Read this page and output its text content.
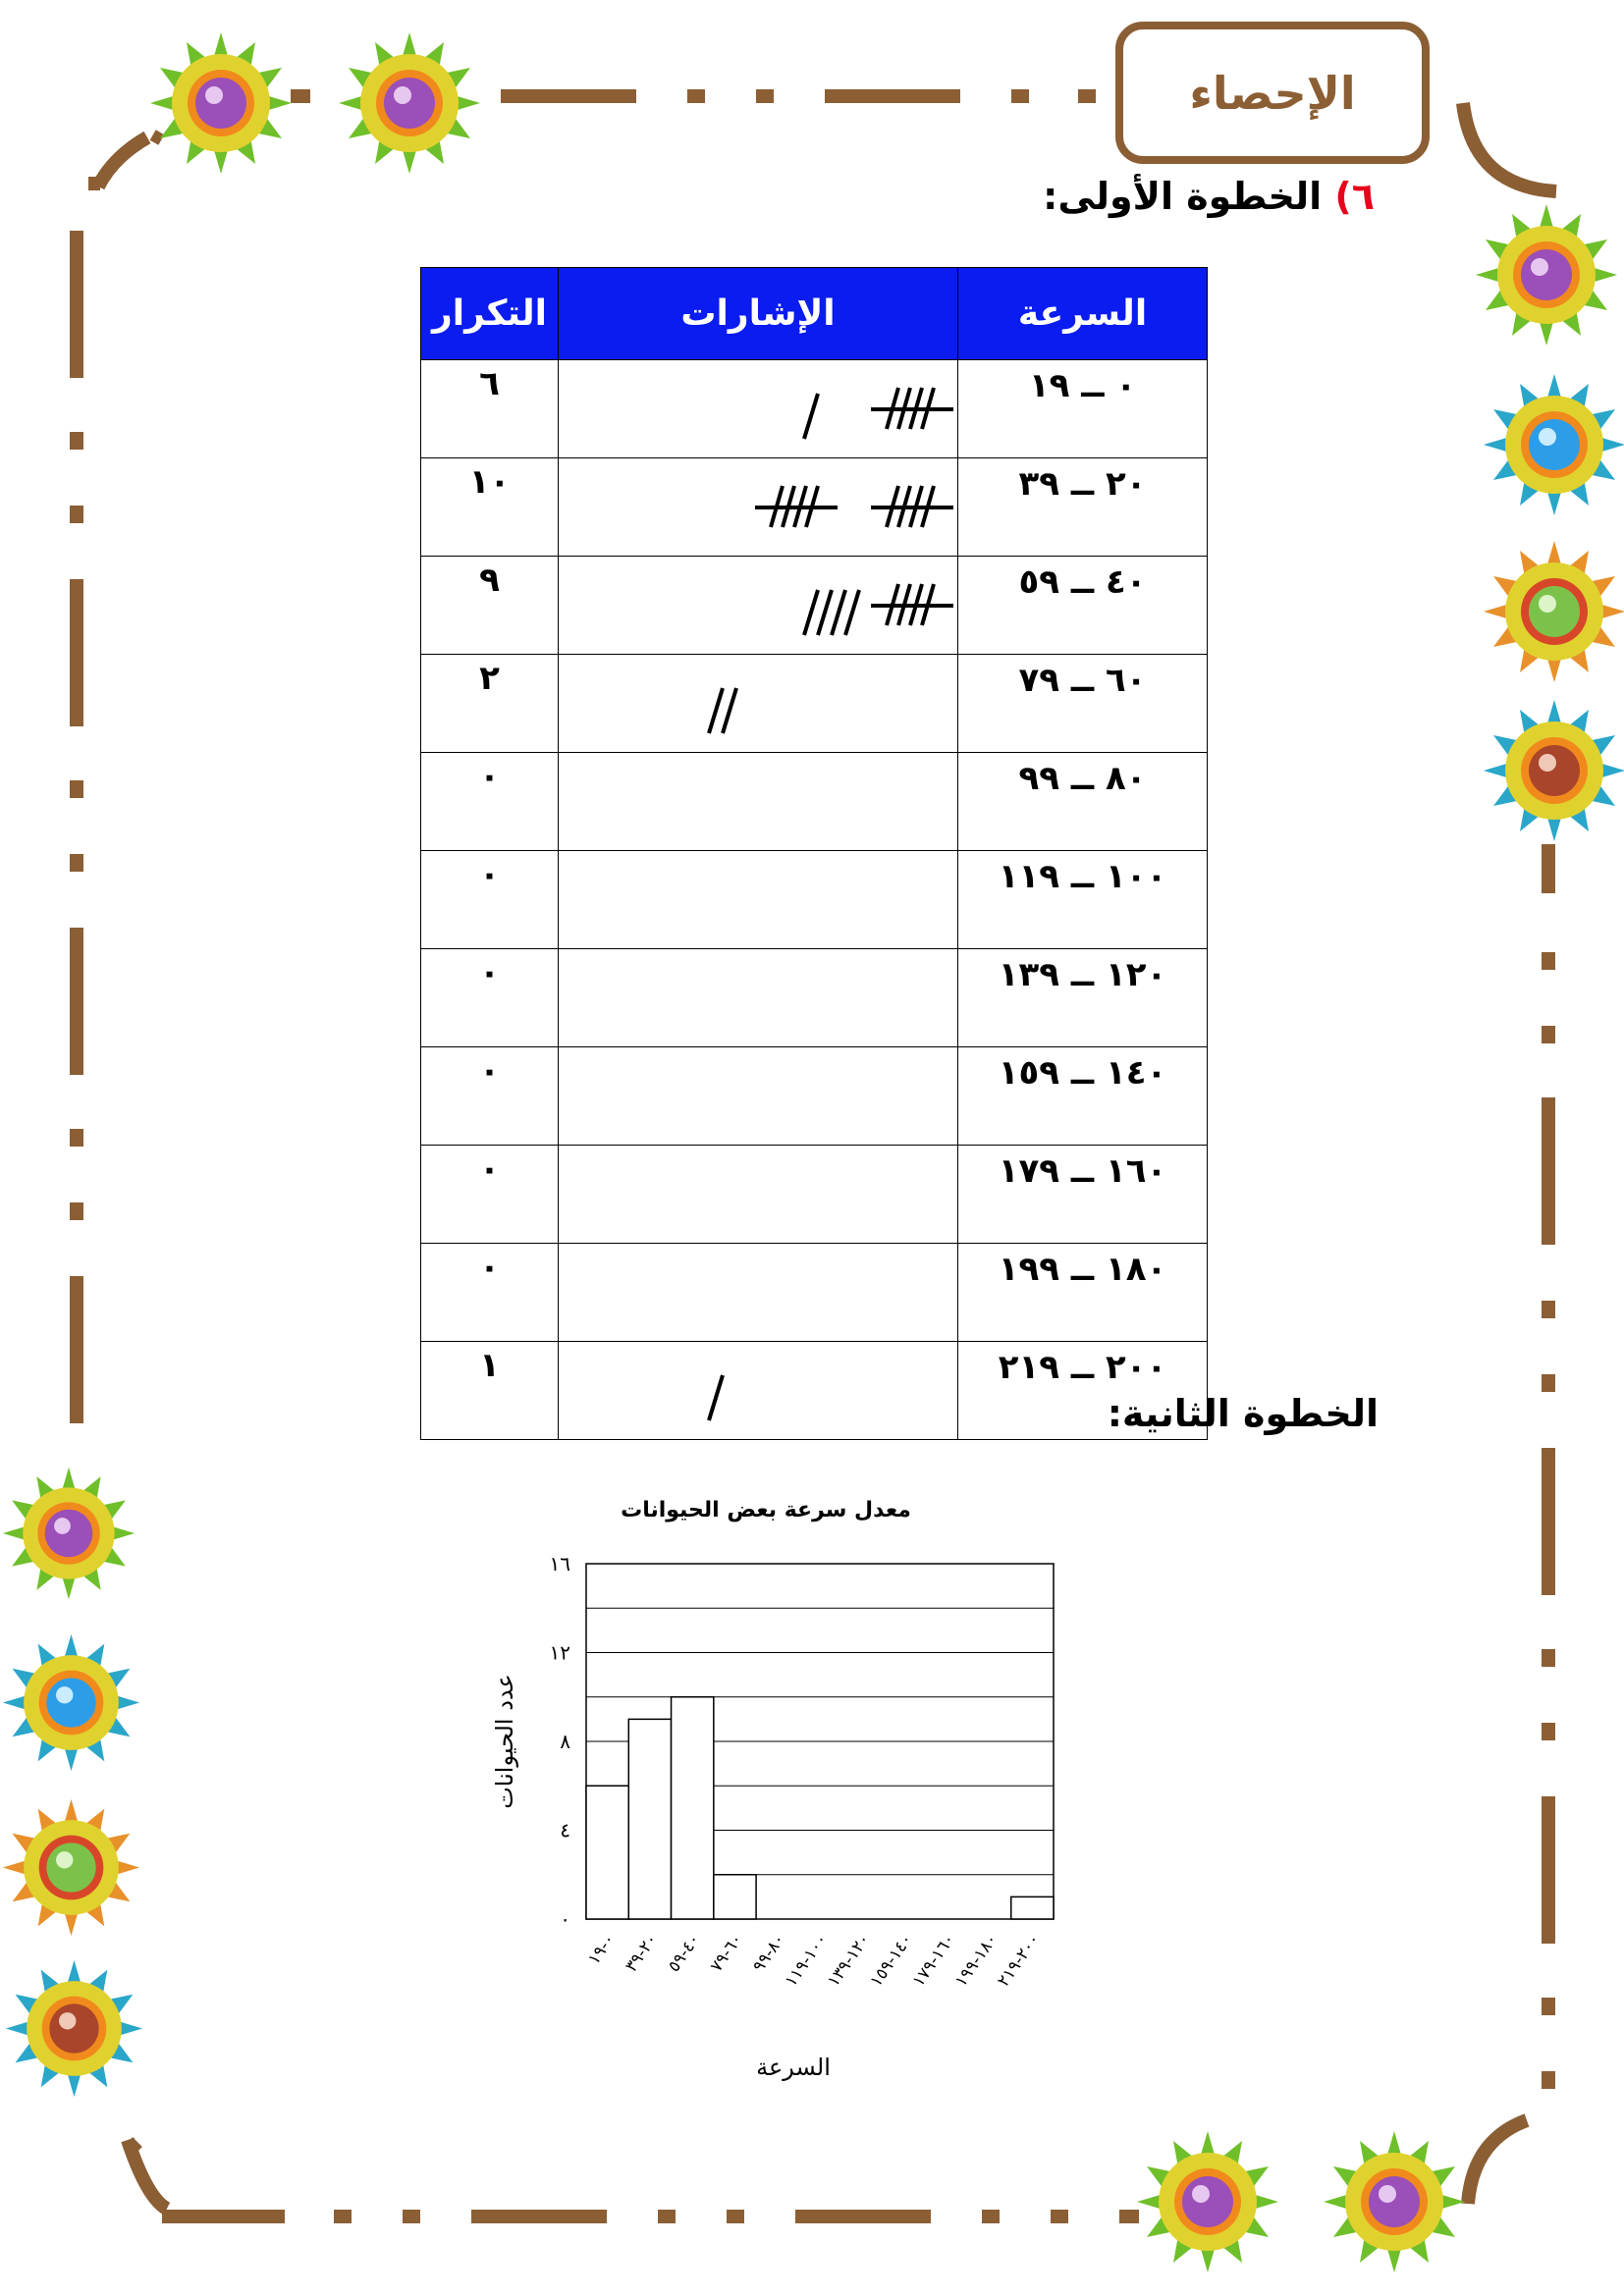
الإحصاء
٦) الخطوة الأولى:
السرعة	الإشارات	التكرار
٠ ــ ١٩		٦
٢٠ ــ ٣٩		١٠
٤٠ ــ ٥٩		٩
٦٠ ــ ٧٩		٢
٨٠ ــ ٩٩		٠
١٠٠ ــ ١١٩		٠
١٢٠ ــ ١٣٩		٠
١٤٠ ــ ١٥٩		٠
١٦٠ ــ ١٧٩		٠
١٨٠ ــ ١٩٩		٠
٢٠٠ ــ ٢١٩		١
الخطوة الثانية:
معدل سرعة بعض الحيوانات
٠
٤
٨
١٢
١٦
٠-١٩
٢٠-٣٩
٤٠-٥٩
٦٠-٧٩
٨٠-٩٩
١٠٠-١١٩
١٢٠-١٣٩
١٤٠-١٥٩
١٦٠-١٧٩
١٨٠-١٩٩
٢٠٠-٢١٩
السرعة
عدد الحيوانات
